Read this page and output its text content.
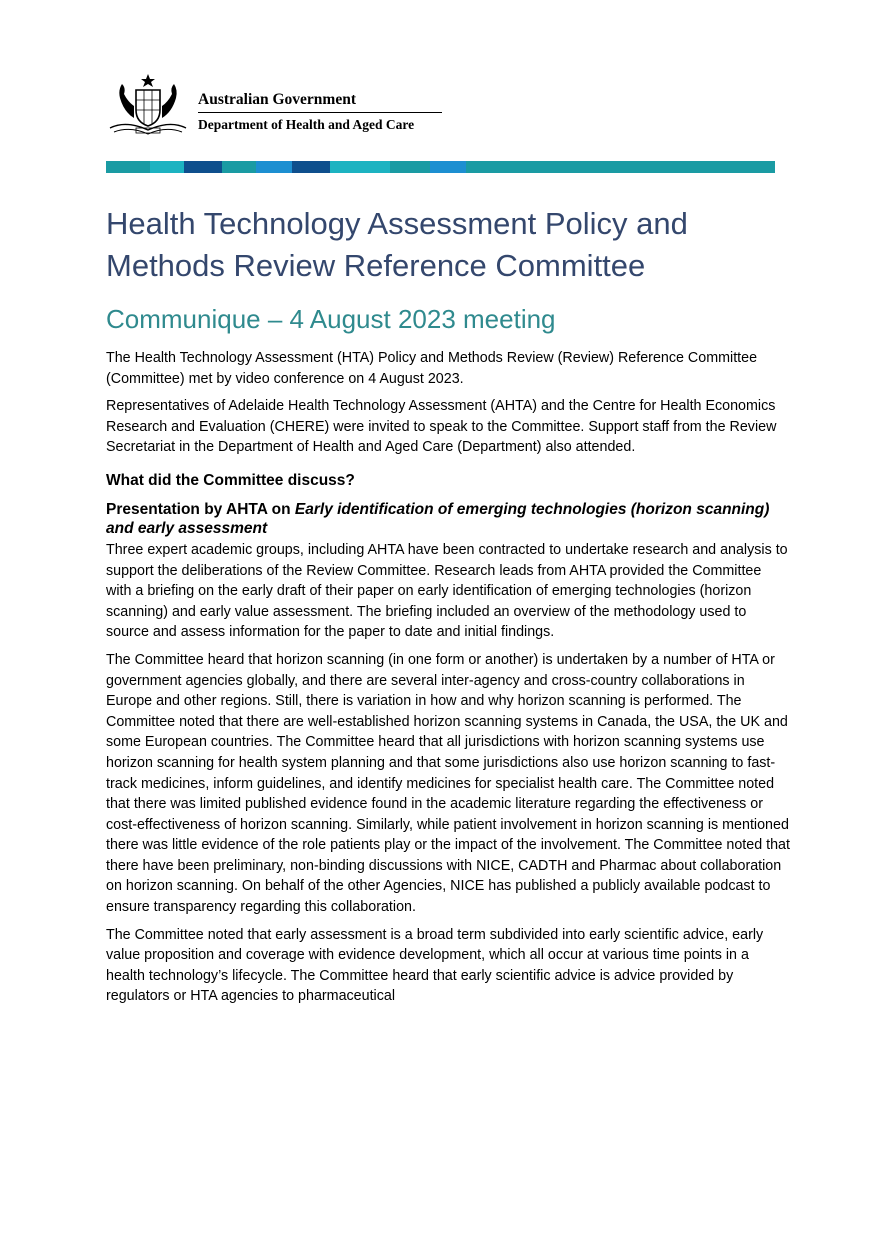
Australian Government
Department of Health and Aged Care
Health Technology Assessment Policy and Methods Review Reference Committee
Communique – 4 August 2023 meeting

The Health Technology Assessment (HTA) Policy and Methods Review (Review) Reference Committee (Committee) met by video conference on 4 August 2023.

Representatives of Adelaide Health Technology Assessment (AHTA) and the Centre for Health Economics Research and Evaluation (CHERE) were invited to speak to the Committee. Support staff from the Review Secretariat in the Department of Health and Aged Care (Department) also attended.

What did the Committee discuss?
Presentation by AHTA on Early identification of emerging technologies (horizon scanning) and early assessment

Three expert academic groups, including AHTA have been contracted to undertake research and analysis to support the deliberations of the Review Committee. Research leads from AHTA provided the Committee with a briefing on the early draft of their paper on early identification of emerging technologies (horizon scanning) and early value assessment. The briefing included an overview of the methodology used to source and assess information for the paper to date and initial findings.

The Committee heard that horizon scanning (in one form or another) is undertaken by a number of HTA or government agencies globally, and there are several inter-agency and cross-country collaborations in Europe and other regions. Still, there is variation in how and why horizon scanning is performed. The Committee noted that there are well-established horizon scanning systems in Canada, the USA, the UK and some European countries. The Committee heard that all jurisdictions with horizon scanning systems use horizon scanning for health system planning and that some jurisdictions also use horizon scanning to fast-track medicines, inform guidelines, and identify medicines for specialist health care. The Committee noted that there was limited published evidence found in the academic literature regarding the effectiveness or cost-effectiveness of horizon scanning. Similarly, while patient involvement in horizon scanning is mentioned there was little evidence of the role patients play or the impact of the involvement. The Committee noted that there have been preliminary, non-binding discussions with NICE, CADTH and Pharmac about collaboration on horizon scanning. On behalf of the other Agencies, NICE has published a publicly available podcast to ensure transparency regarding this collaboration.

The Committee noted that early assessment is a broad term subdivided into early scientific advice, early value proposition and coverage with evidence development, which all occur at various time points in a health technology’s lifecycle. The Committee heard that early scientific advice is advice provided by regulators or HTA agencies to pharmaceutical
